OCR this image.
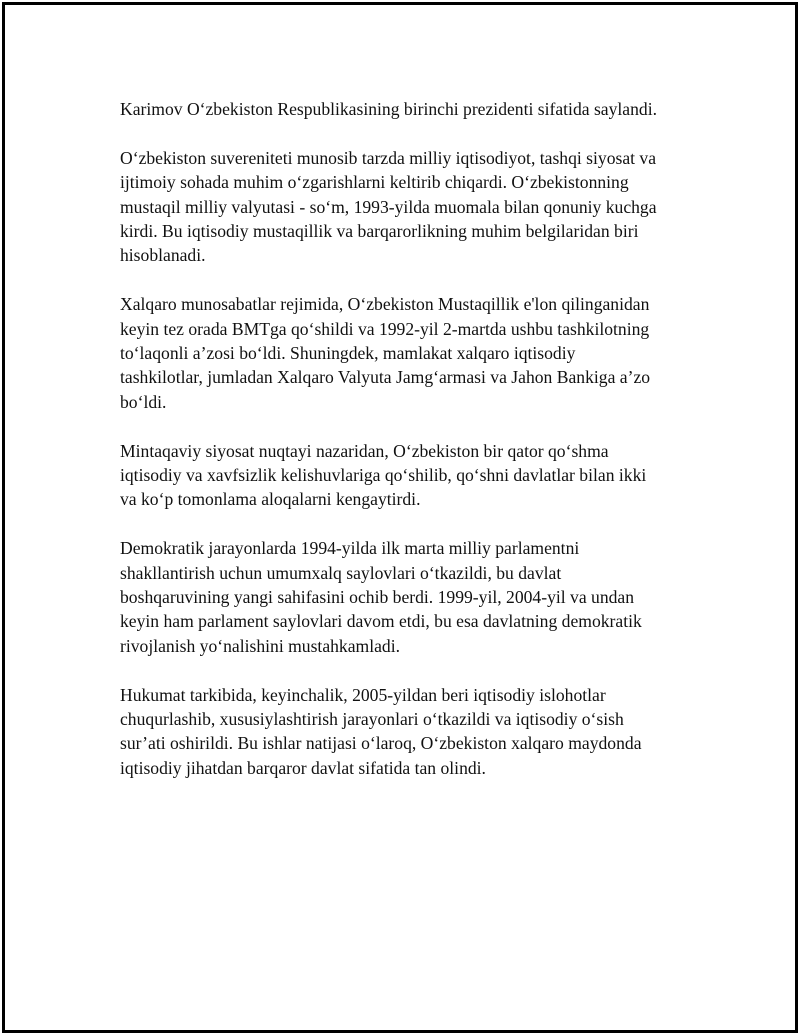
Karimov O‘zbekiston Respublikasining birinchi prezidenti sifatida saylandi.

O‘zbekiston suvereniteti munosib tarzda milliy iqtisodiyot, tashqi siyosat va
ijtimoiy sohada muhim o‘zgarishlarni keltirib chiqardi. O‘zbekistonning
mustaqil milliy valyutasi - so‘m, 1993-yilda muomala bilan qonuniy kuchga
kirdi. Bu iqtisodiy mustaqillik va barqarorlikning muhim belgilaridan biri
hisoblanadi.

Xalqaro munosabatlar rejimida, O‘zbekiston Mustaqillik e'lon qilinganidan
keyin tez orada BMTga qo‘shildi va 1992-yil 2-martda ushbu tashkilotning
to‘laqonli a’zosi bo‘ldi. Shuningdek, mamlakat xalqaro iqtisodiy
tashkilotlar, jumladan Xalqaro Valyuta Jamg‘armasi va Jahon Bankiga a’zo
bo‘ldi.

Mintaqaviy siyosat nuqtayi nazaridan, O‘zbekiston bir qator qo‘shma
iqtisodiy va xavfsizlik kelishuvlariga qo‘shilib, qo‘shni davlatlar bilan ikki
va ko‘p tomonlama aloqalarni kengaytirdi.

Demokratik jarayonlarda 1994-yilda ilk marta milliy parlamentni
shakllantirish uchun umumxalq saylovlari o‘tkazildi, bu davlat
boshqaruvining yangi sahifasini ochib berdi. 1999-yil, 2004-yil va undan
keyin ham parlament saylovlari davom etdi, bu esa davlatning demokratik
rivojlanish yo‘nalishini mustahkamladi.

Hukumat tarkibida, keyinchalik, 2005-yildan beri iqtisodiy islohotlar
chuqurlashib, xususiylashtirish jarayonlari o‘tkazildi va iqtisodiy o‘sish
sur’ati oshirildi. Bu ishlar natijasi o‘laroq, O‘zbekiston xalqaro maydonda
iqtisodiy jihatdan barqaror davlat sifatida tan olindi.
